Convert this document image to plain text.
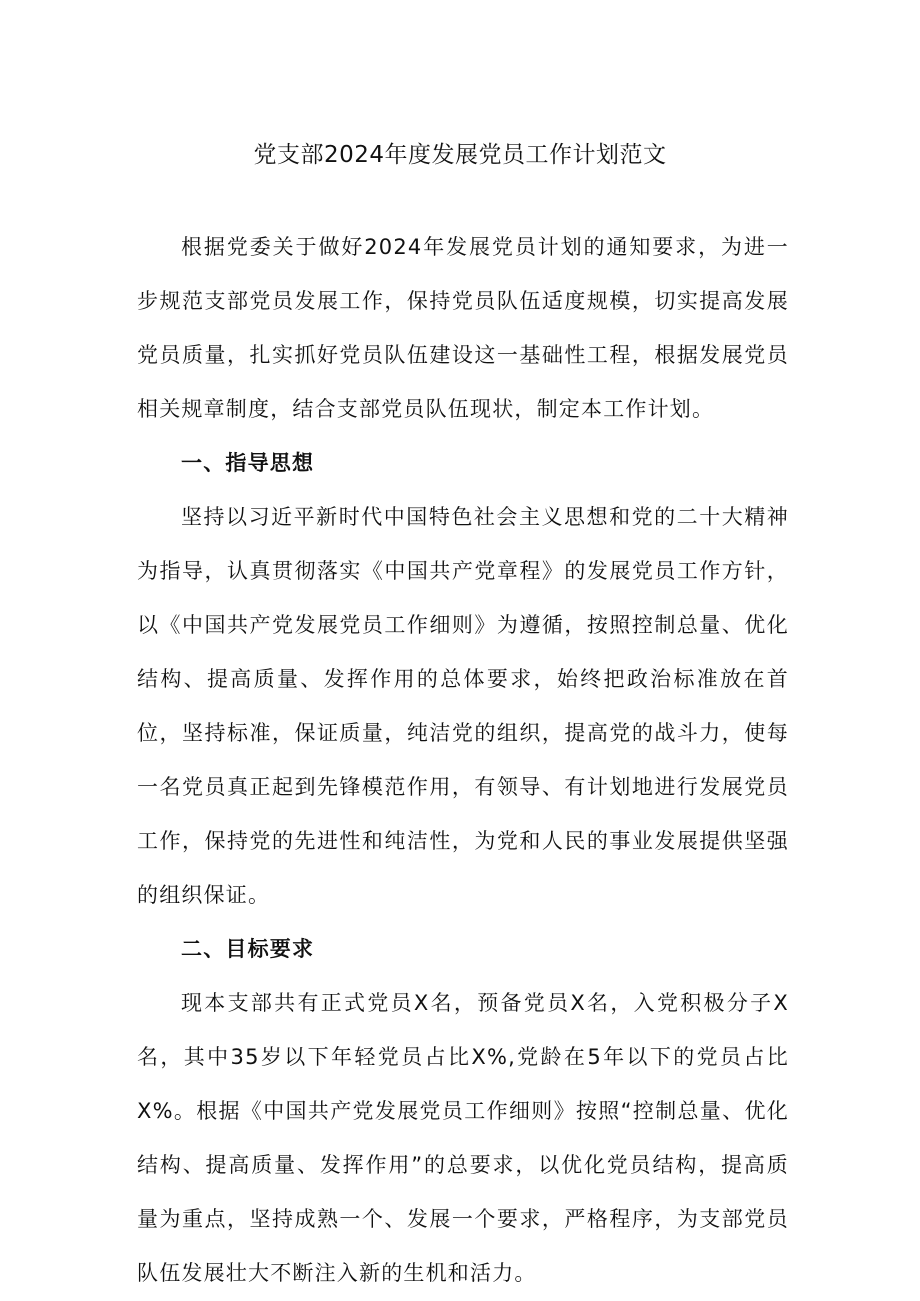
党支部2024年度发展党员工作计划范文

根据党委关于做好2024年发展党员计划的通知要求，为进一步规范支部党员发展工作，保持党员队伍适度规模，切实提高发展党员质量，扎实抓好党员队伍建设这一基础性工程，根据发展党员相关规章制度，结合支部党员队伍现状，制定本工作计划。

一、指导思想

坚持以习近平新时代中国特色社会主义思想和党的二十大精神为指导，认真贯彻落实《中国共产党章程》的发展党员工作方针，以《中国共产党发展党员工作细则》为遵循，按照控制总量、优化结构、提高质量、发挥作用的总体要求，始终把政治标准放在首位，坚持标准，保证质量，纯洁党的组织，提高党的战斗力，使每一名党员真正起到先锋模范作用，有领导、有计划地进行发展党员工作，保持党的先进性和纯洁性，为党和人民的事业发展提供坚强的组织保证。

二、目标要求

现本支部共有正式党员X名，预备党员X名，入党积极分子X名，其中35岁以下年轻党员占比X%,党龄在5年以下的党员占比X%。根据《中国共产党发展党员工作细则》按照“控制总量、优化结构、提高质量、发挥作用”的总要求，以优化党员结构，提高质量为重点，坚持成熟一个、发展一个要求，严格程序，为支部党员队伍发展壮大不断注入新的生机和活力。
